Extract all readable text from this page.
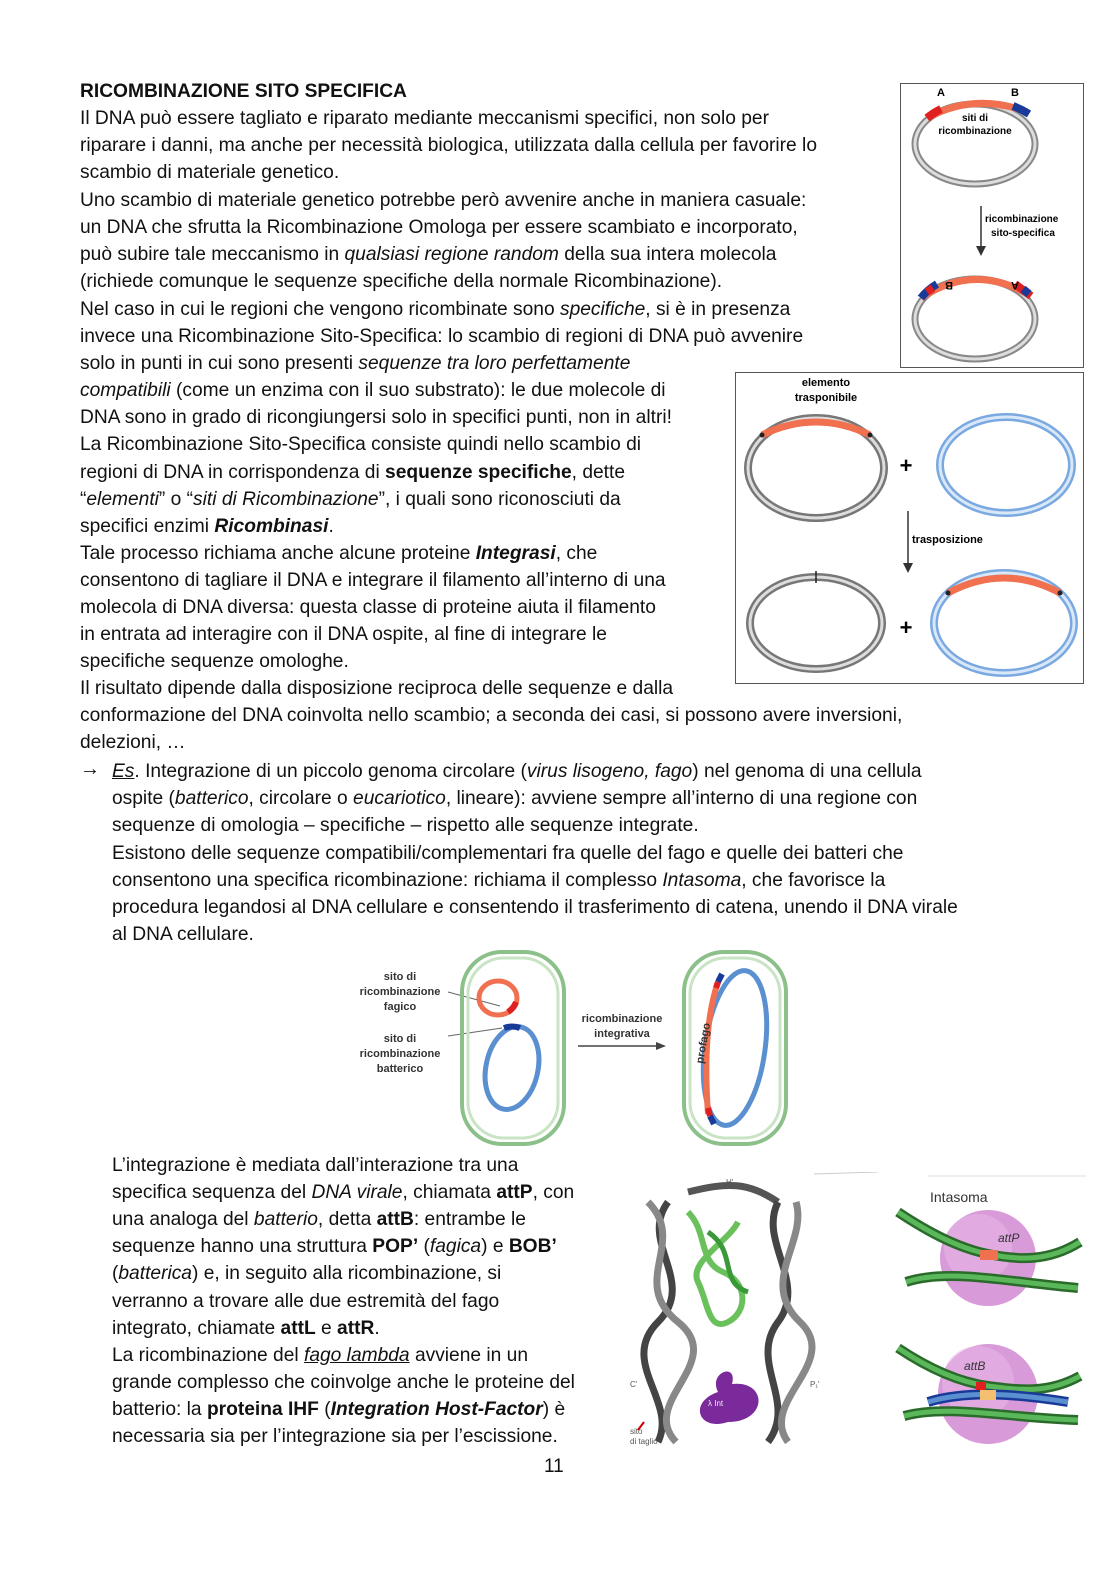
RICOMBINAZIONE SITO SPECIFICA
Il DNA può essere tagliato e riparato mediante meccanismi specifici, non solo per
riparare i danni, ma anche per necessità biologica, utilizzata dalla cellula per favorire lo
scambio di materiale genetico.
Uno scambio di materiale genetico potrebbe però avvenire anche in maniera casuale:
un DNA che sfrutta la Ricombinazione Omologa per essere scambiato e incorporato,
può subire tale meccanismo in qualsiasi regione random della sua intera molecola
(richiede comunque le sequenze specifiche della normale Ricombinazione).
Nel caso in cui le regioni che vengono ricombinate sono specifiche, si è in presenza
invece una Ricombinazione Sito-Specifica: lo scambio di regioni di DNA può avvenire
solo in punti in cui sono presenti sequenze tra loro perfettamente
compatibili (come un enzima con il suo substrato): le due molecole di
DNA sono in grado di ricongiungersi solo in specifici punti, non in altri!
La Ricombinazione Sito-Specifica consiste quindi nello scambio di
regioni di DNA in corrispondenza di sequenze specifiche, dette
“elementi” o “siti di Ricombinazione”, i quali sono riconosciuti da
specifici enzimi Ricombinasi.
Tale processo richiama anche alcune proteine Integrasi, che
consentono di tagliare il DNA e integrare il filamento all’interno di una
molecola di DNA diversa: questa classe di proteine aiuta il filamento
in entrata ad interagire con il DNA ospite, al fine di integrare le
specifiche sequenze omologhe.
Il risultato dipende dalla disposizione reciproca delle sequenze e dalla
conformazione del DNA coinvolta nello scambio; a seconda dei casi, si possono avere inversioni,
delezioni, …
→ Es. Integrazione di un piccolo genoma circolare (virus lisogeno, fago) nel genoma di una cellula
ospite (batterico, circolare o eucariotico, lineare): avviene sempre all’interno di una regione con
sequenze di omologia – specifiche – rispetto alle sequenze integrate.
Esistono delle sequenze compatibili/complementari fra quelle del fago e quelle dei batteri che
consentono una specifica ricombinazione: richiama il complesso Intasoma, che favorisce la
procedura legandosi al DNA cellulare e consentendo il trasferimento di catena, unendo il DNA virale
al DNA cellulare.
L’integrazione è mediata dall’interazione tra una
specifica sequenza del DNA virale, chiamata attP, con
una analoga del batterio, detta attB: entrambe le
sequenze hanno una struttura POP’ (fagica) e BOB’
(batterica) e, in seguito alla ricombinazione, si
verranno a trovare alle due estremità del fago
integrato, chiamate attL e attR.
La ricombinazione del fago lambda avviene in un
grande complesso che coinvolge anche le proteine del
batterio: la proteina IHF (Integration Host-Factor) è
necessaria sia per l’integrazione sia per l’escissione.
11
A	B
siti di
ricombinazione
ricombinazione
sito-specifica
B	A
elemento
trasponibile
+
trasposizione
+
sito di
ricombinazione
fagico
sito di
ricombinazione
batterico
ricombinazione
integrativa	profago
H'
λ Int
C'	P₁'
sito
di taglio
Intasoma
attP
attB
